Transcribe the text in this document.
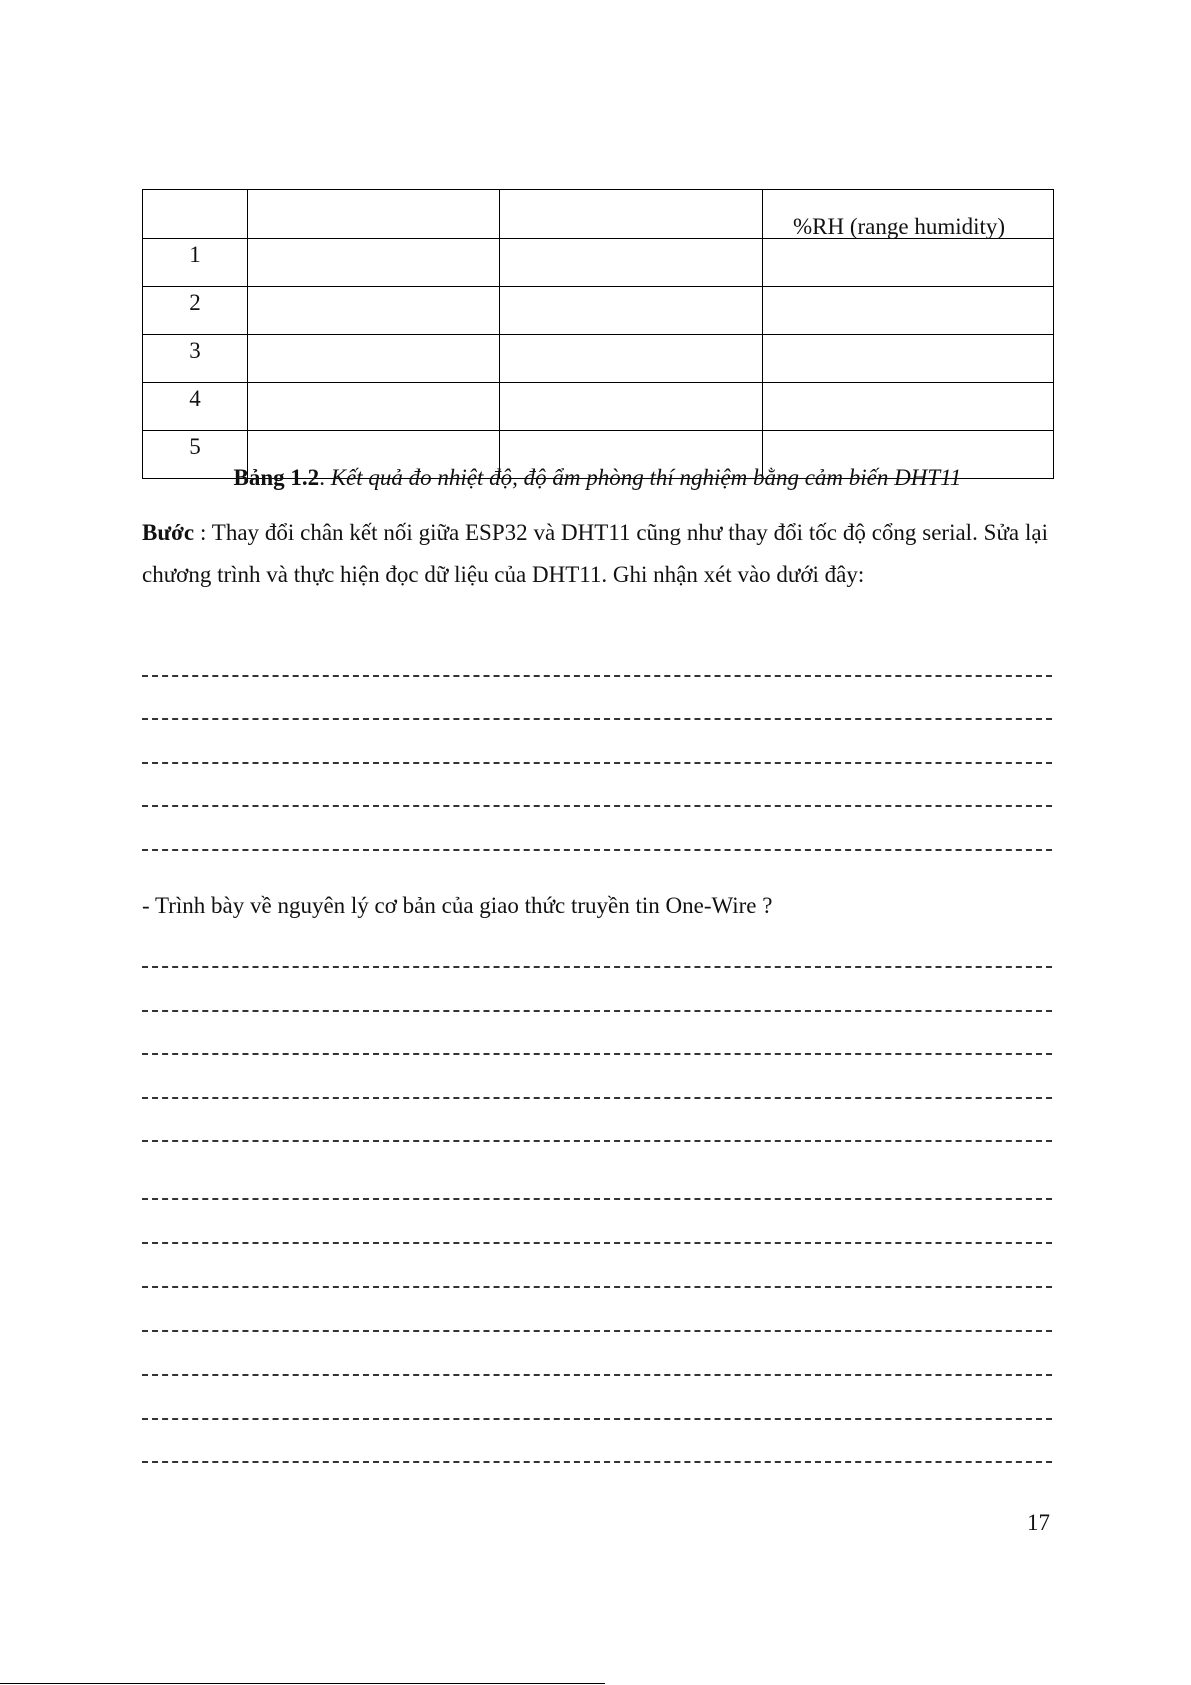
			%RH (range humidity)

1			
2			
3			
4			
5			
Bảng 1.2. Kết quả đo nhiệt độ, độ ẩm phòng thí nghiệm bằng cảm biến DHT11
Bước : Thay đổi chân kết nối giữa ESP32 và DHT11 cũng như thay đổi tốc độ cổng serial. Sửa lại chương trình và thực hiện đọc dữ liệu của DHT11. Ghi nhận xét vào dưới đây:
- Trình bày về nguyên lý cơ bản của giao thức truyền tin One-Wire ?
17
